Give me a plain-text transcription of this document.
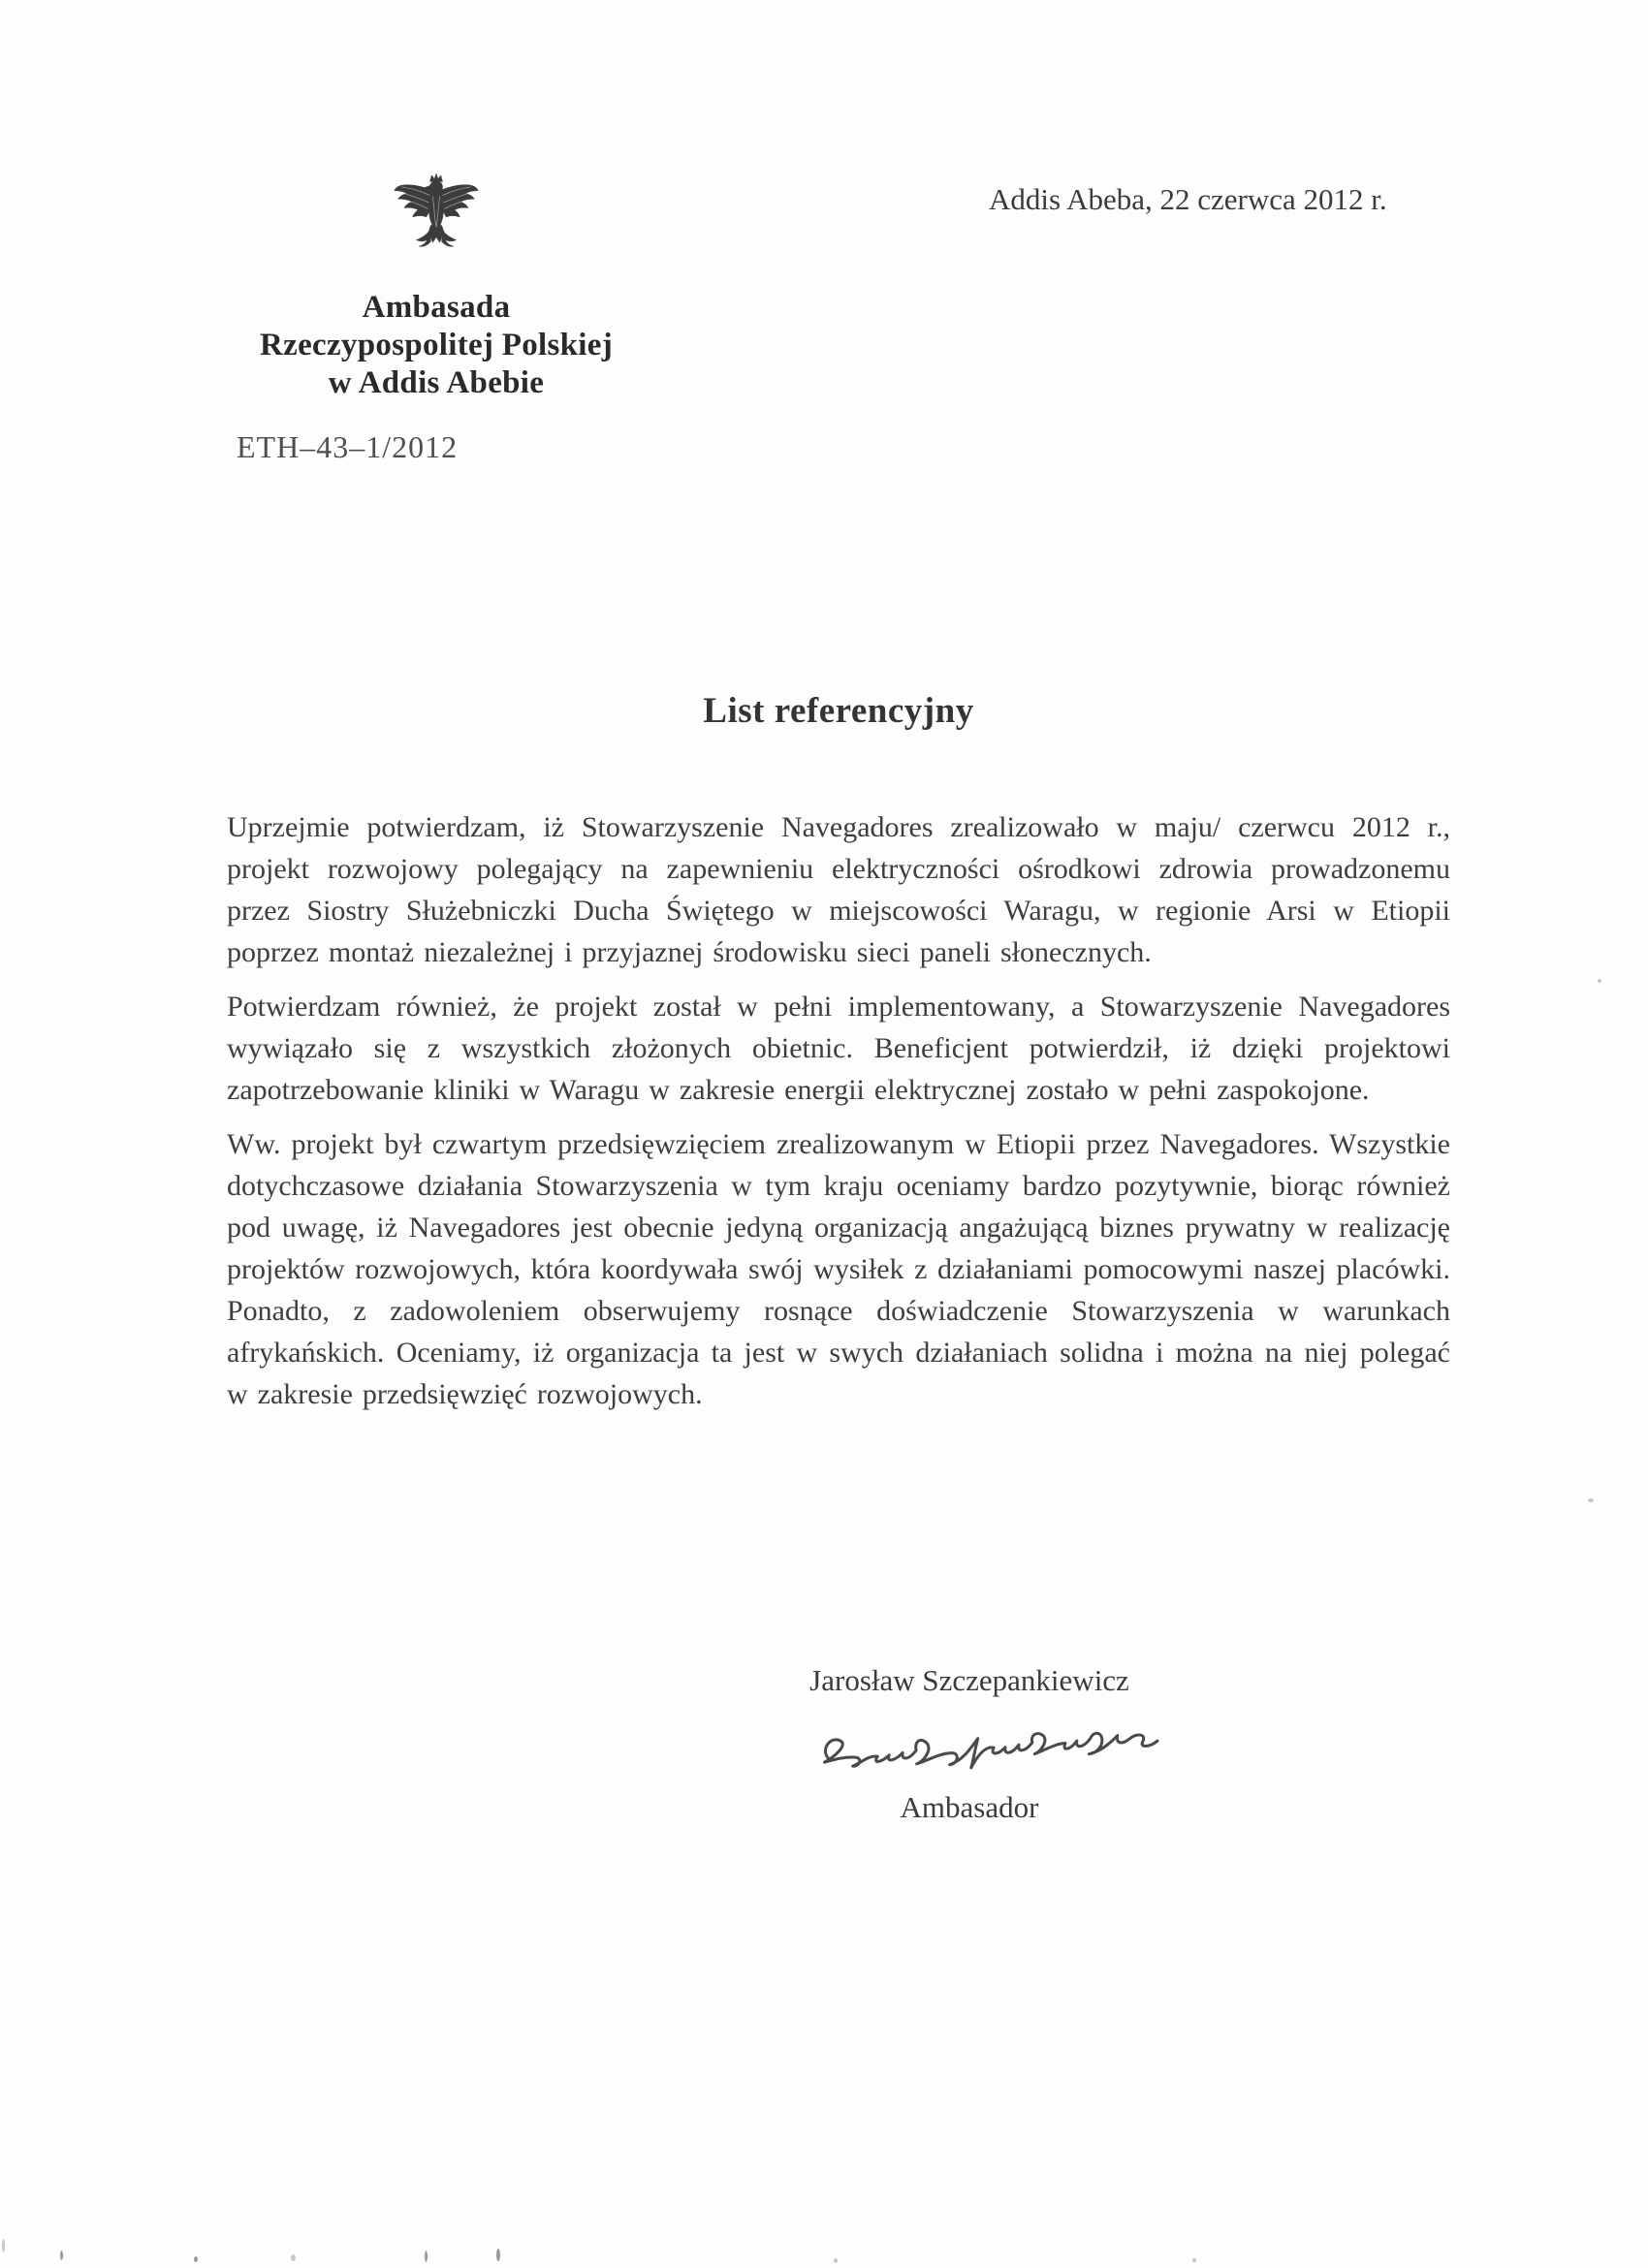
Addis Abeba, 22 czerwca 2012 r.
Ambasada
Rzeczypospolitej Polskiej
w Addis Abebie
ETH–43–1/2012
List referencyjny

Uprzejmie potwierdzam, iż Stowarzyszenie Navegadores zrealizowało w maju/ czerwcu 2012 r., projekt rozwojowy polegający na zapewnieniu elektryczności ośrodkowi zdrowia prowadzonemu przez Siostry Służebniczki Ducha Świętego w miejscowości Waragu, w regionie Arsi w Etiopii poprzez montaż niezależnej i przyjaznej środowisku sieci paneli słonecznych.

Potwierdzam również, że projekt został w pełni implementowany, a Stowarzyszenie Navegadores wywiązało się z wszystkich złożonych obietnic. Beneficjent potwierdził, iż dzięki projektowi zapotrzebowanie kliniki w Waragu w zakresie energii elektrycznej zostało w pełni zaspokojone.

Ww. projekt był czwartym przedsięwzięciem zrealizowanym w Etiopii przez Navegadores. Wszystkie dotychczasowe działania Stowarzyszenia w tym kraju oceniamy bardzo pozytywnie, biorąc również pod uwagę, iż Navegadores jest obecnie jedyną organizacją angażującą biznes prywatny w realizację projektów rozwojowych, która koordywała swój wysiłek z działaniami pomocowymi naszej placówki. Ponadto, z zadowoleniem obserwujemy rosnące doświadczenie Stowarzyszenia w warunkach afrykańskich. Oceniamy, iż organizacja ta jest w swych działaniach solidna i można na niej polegać w zakresie przedsięwzięć rozwojowych.

Jarosław Szczepankiewicz
Ambasador
